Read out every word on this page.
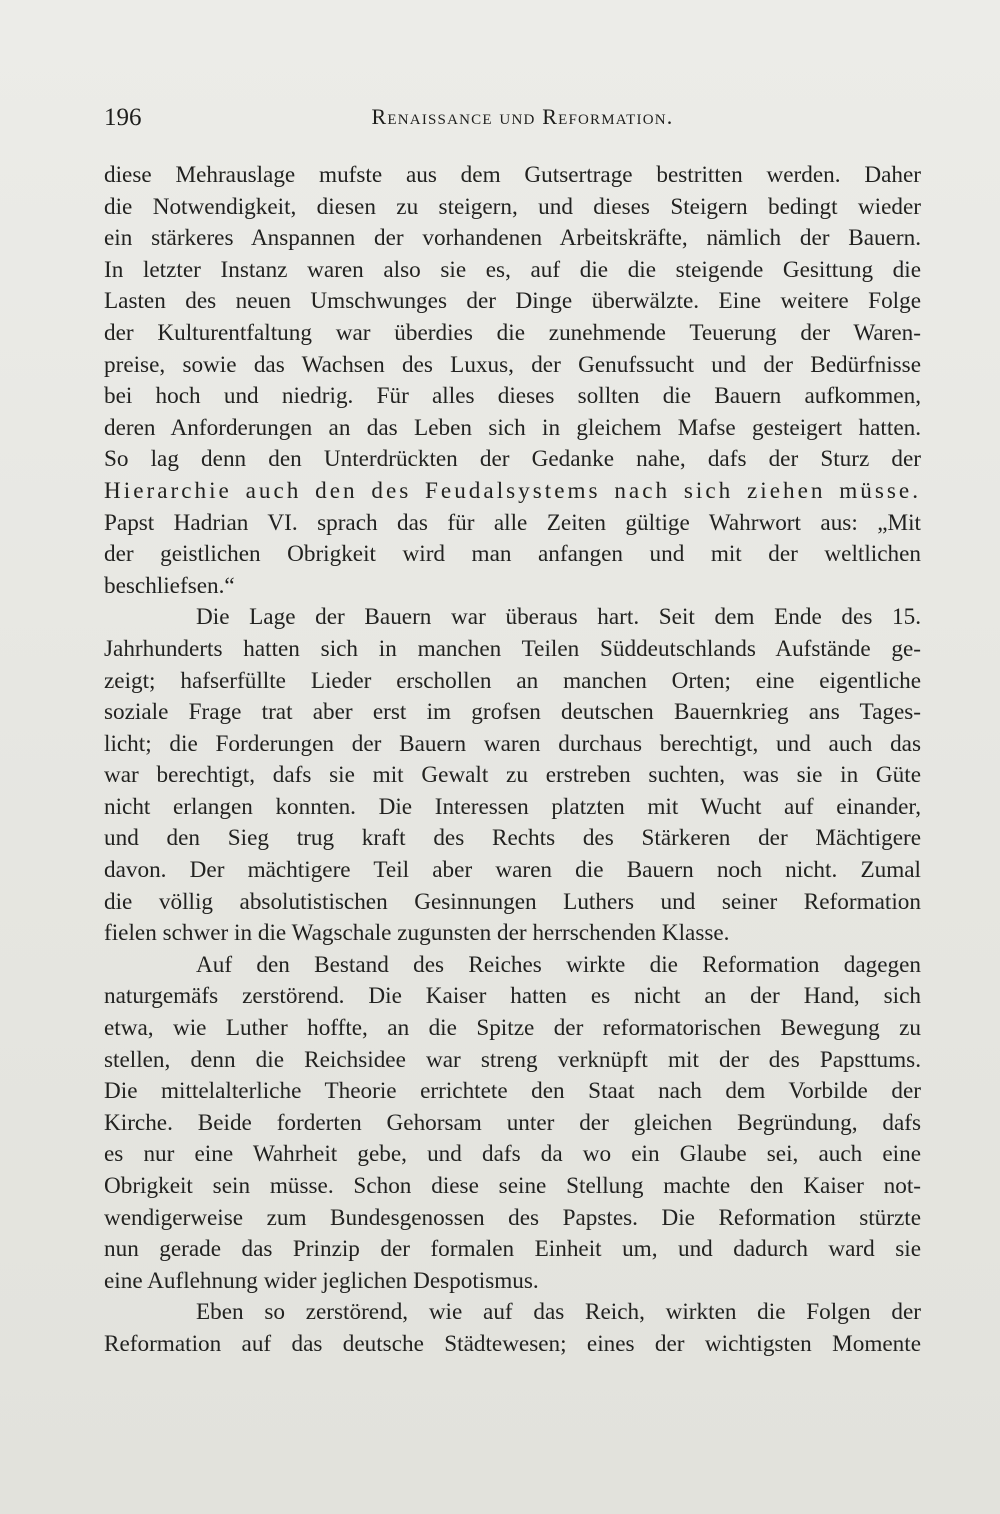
196	Renaissance und Reformation.
diese Mehrauslage mufste aus dem Gutsertrage bestritten werden. Daher
die Notwendigkeit, diesen zu steigern, und dieses Steigern bedingt wieder
ein stärkeres Anspannen der vorhandenen Arbeitskräfte, nämlich der Bauern.
In letzter Instanz waren also sie es, auf die die steigende Gesittung die
Lasten des neuen Umschwunges der Dinge überwälzte. Eine weitere Folge
der Kulturentfaltung war überdies die zunehmende Teuerung der Waren-
preise, sowie das Wachsen des Luxus, der Genufssucht und der Bedürfnisse
bei hoch und niedrig. Für alles dieses sollten die Bauern aufkommen,
deren Anforderungen an das Leben sich in gleichem Mafse gesteigert hatten.
So lag denn den Unterdrückten der Gedanke nahe, dafs der Sturz der
Hierarchie auch den des Feudalsystems nach sich ziehen müsse.
Papst Hadrian VI. sprach das für alle Zeiten gültige Wahrwort aus: „Mit
der geistlichen Obrigkeit wird man anfangen und mit der weltlichen
beschliefsen.“
Die Lage der Bauern war überaus hart. Seit dem Ende des 15.
Jahrhunderts hatten sich in manchen Teilen Süddeutschlands Aufstände ge-
zeigt; hafserfüllte Lieder erschollen an manchen Orten; eine eigentliche
soziale Frage trat aber erst im grofsen deutschen Bauernkrieg ans Tages-
licht; die Forderungen der Bauern waren durchaus berechtigt, und auch das
war berechtigt, dafs sie mit Gewalt zu erstreben suchten, was sie in Güte
nicht erlangen konnten. Die Interessen platzten mit Wucht auf einander,
und den Sieg trug kraft des Rechts des Stärkeren der Mächtigere
davon. Der mächtigere Teil aber waren die Bauern noch nicht. Zumal
die völlig absolutistischen Gesinnungen Luthers und seiner Reformation
fielen schwer in die Wagschale zugunsten der herrschenden Klasse.
Auf den Bestand des Reiches wirkte die Reformation dagegen
naturgemäfs zerstörend. Die Kaiser hatten es nicht an der Hand, sich
etwa, wie Luther hoffte, an die Spitze der reformatorischen Bewegung zu
stellen, denn die Reichsidee war streng verknüpft mit der des Papsttums.
Die mittelalterliche Theorie errichtete den Staat nach dem Vorbilde der
Kirche. Beide forderten Gehorsam unter der gleichen Begründung, dafs
es nur eine Wahrheit gebe, und dafs da wo ein Glaube sei, auch eine
Obrigkeit sein müsse. Schon diese seine Stellung machte den Kaiser not-
wendigerweise zum Bundesgenossen des Papstes. Die Reformation stürzte
nun gerade das Prinzip der formalen Einheit um, und dadurch ward sie
eine Auflehnung wider jeglichen Despotismus.
Eben so zerstörend, wie auf das Reich, wirkten die Folgen der
Reformation auf das deutsche Städtewesen; eines der wichtigsten Momente
